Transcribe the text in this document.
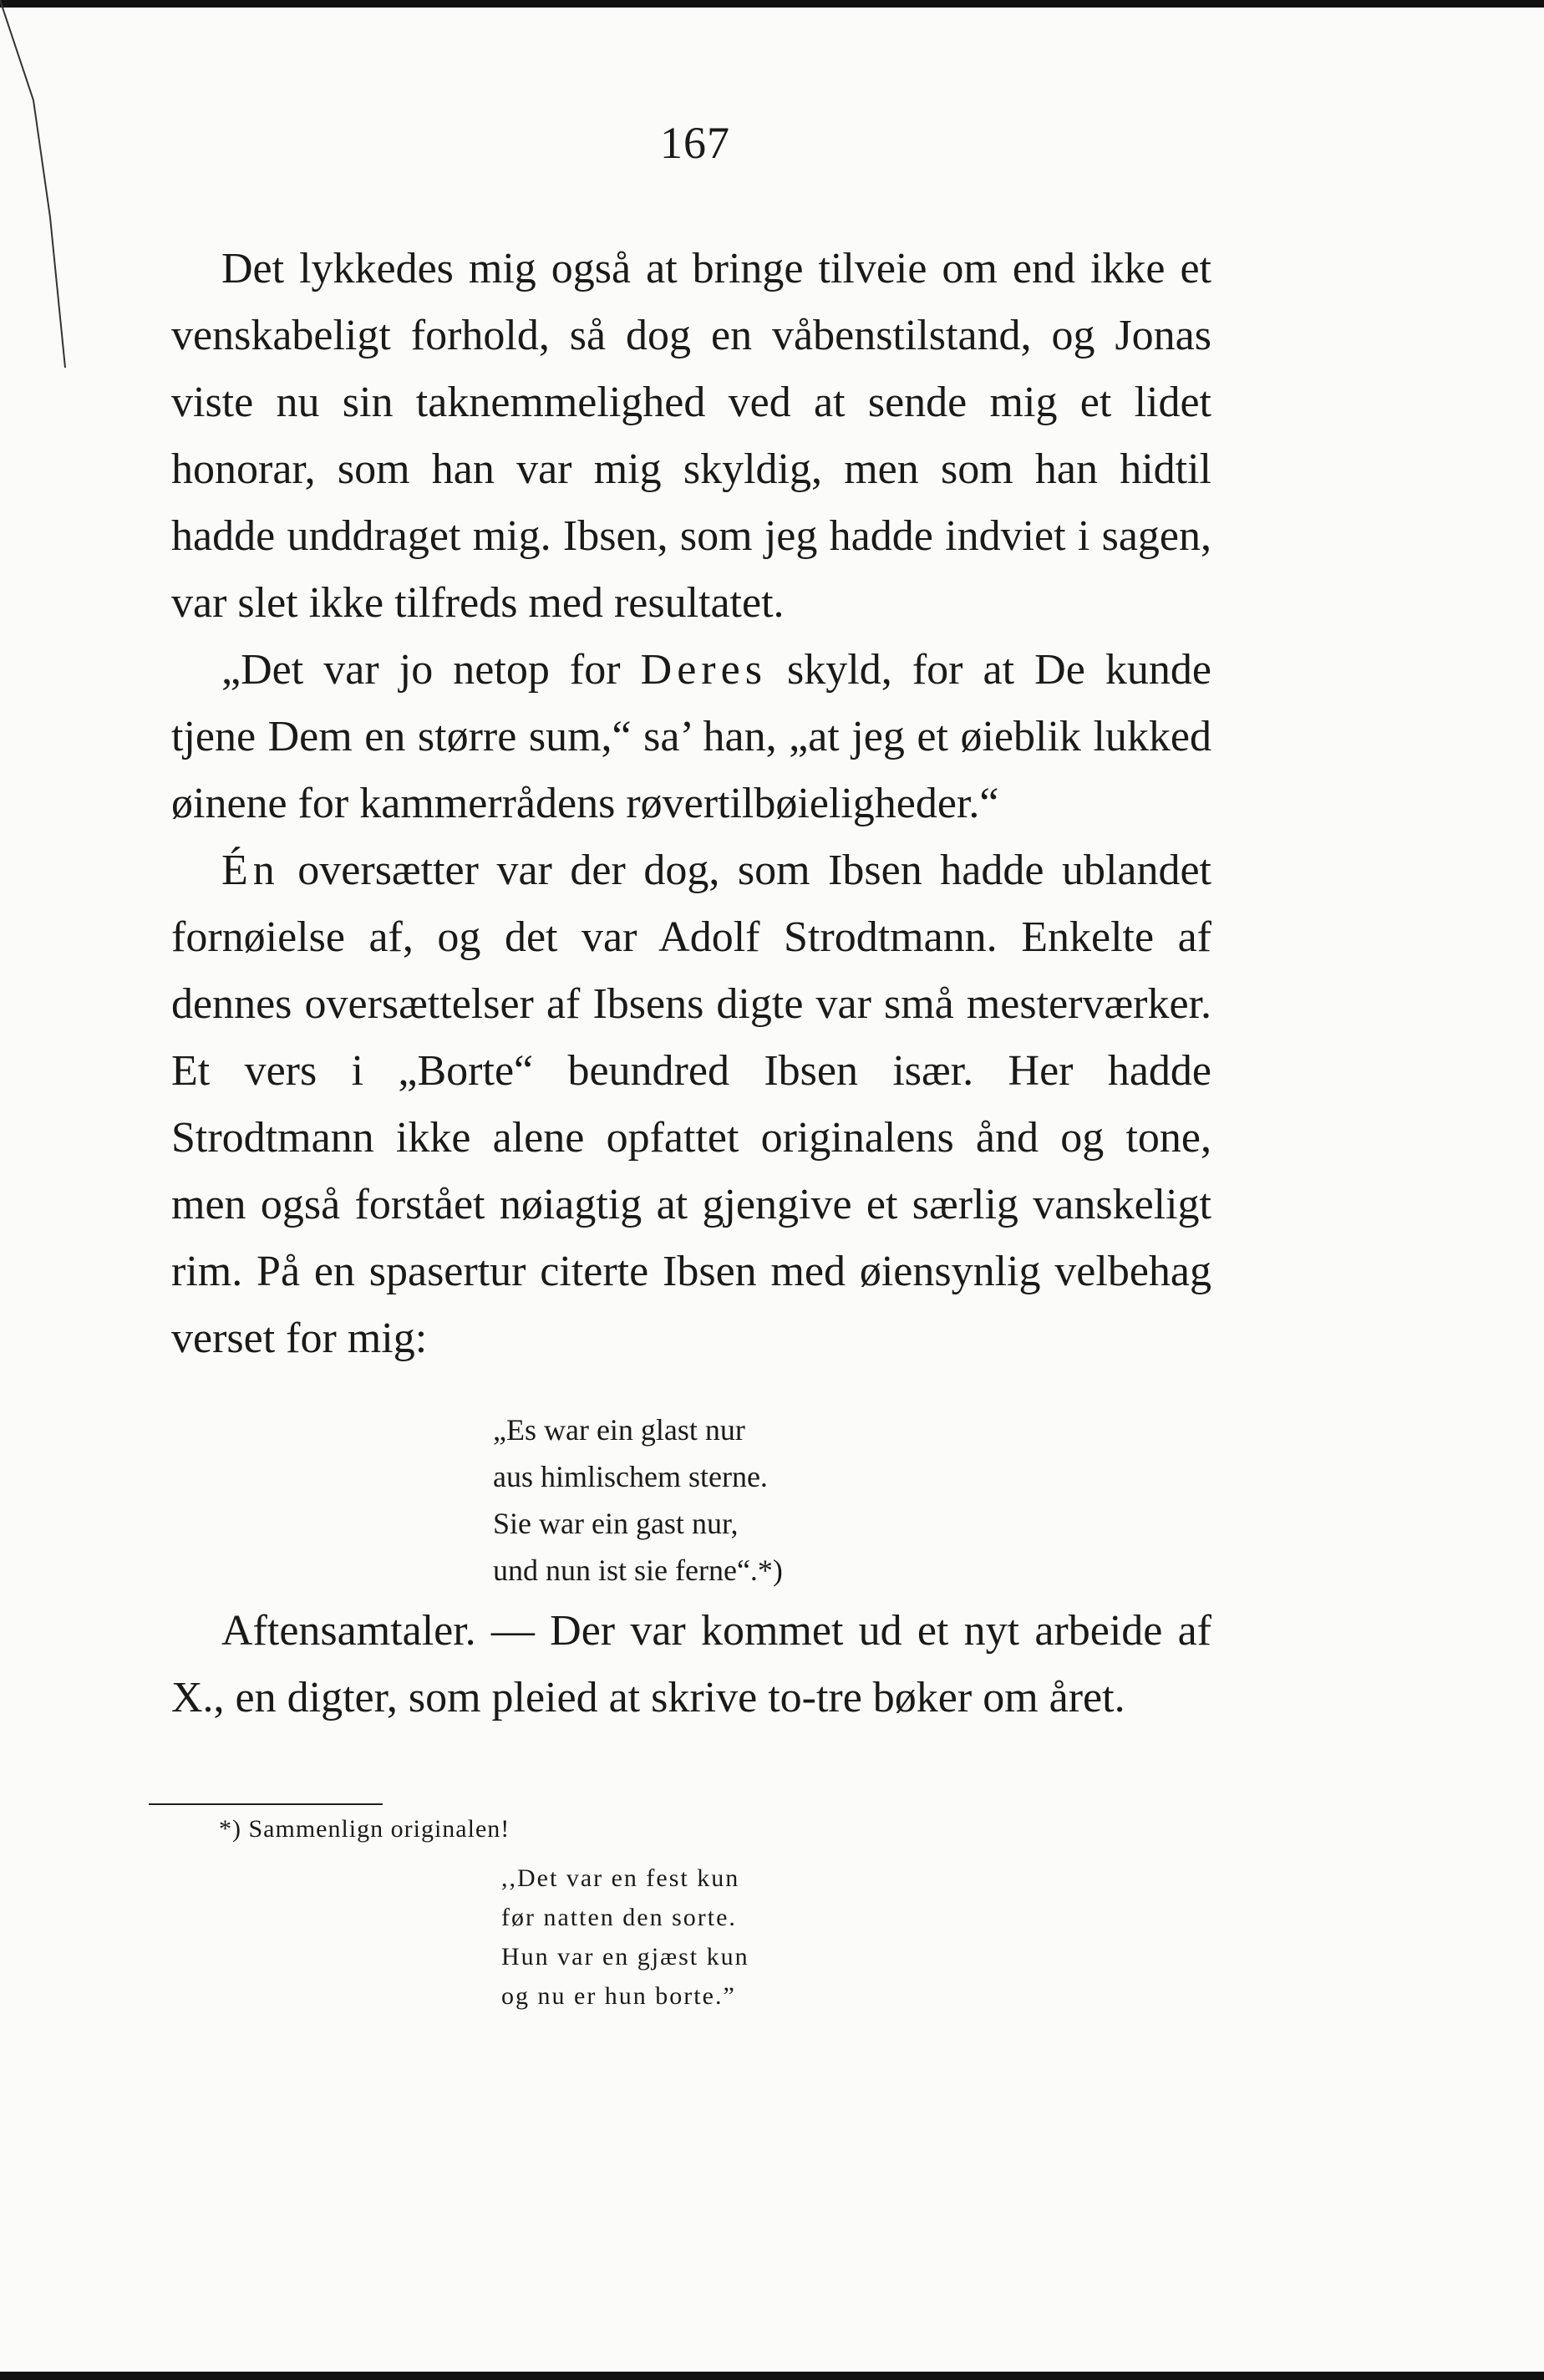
167

Det lykkedes mig også at bringe tilveie om end ikke et venskabeligt forhold, så dog en våbenstilstand, og Jonas viste nu sin taknemmelighed ved at sende mig et lidet honorar, som han var mig skyldig, men som han hidtil hadde unddraget mig. Ibsen, som jeg hadde indviet i sagen, var slet ikke tilfreds med resultatet.

„Det var jo netop for Deres skyld, for at De kunde tjene Dem en større sum,“ sa’ han, „at jeg et øieblik lukked øinene for kammerrådens røvertilbøieligheder.“

Én oversætter var der dog, som Ibsen hadde ublandet fornøielse af, og det var Adolf Strodtmann. Enkelte af dennes oversættelser af Ibsens digte var små mesterværker. Et vers i „Borte“ beundred Ibsen især. Her hadde Strodtmann ikke alene opfattet originalens ånd og tone, men også forstået nøiagtig at gjengive et særlig vanskeligt rim. På en spasertur citerte Ibsen med øiensynlig velbehag verset for mig:

„Es war ein glast nur
aus himlischem sterne.
Sie war ein gast nur,
und nun ist sie ferne“.*)

Aftensamtaler. — Der var kommet ud et nyt arbeide af X., en digter, som pleied at skrive to-tre bøker om året.

*) Sammenlign originalen!
,,Det var en fest kun
før natten den sorte.
Hun var en gjæst kun
og nu er hun borte.”
